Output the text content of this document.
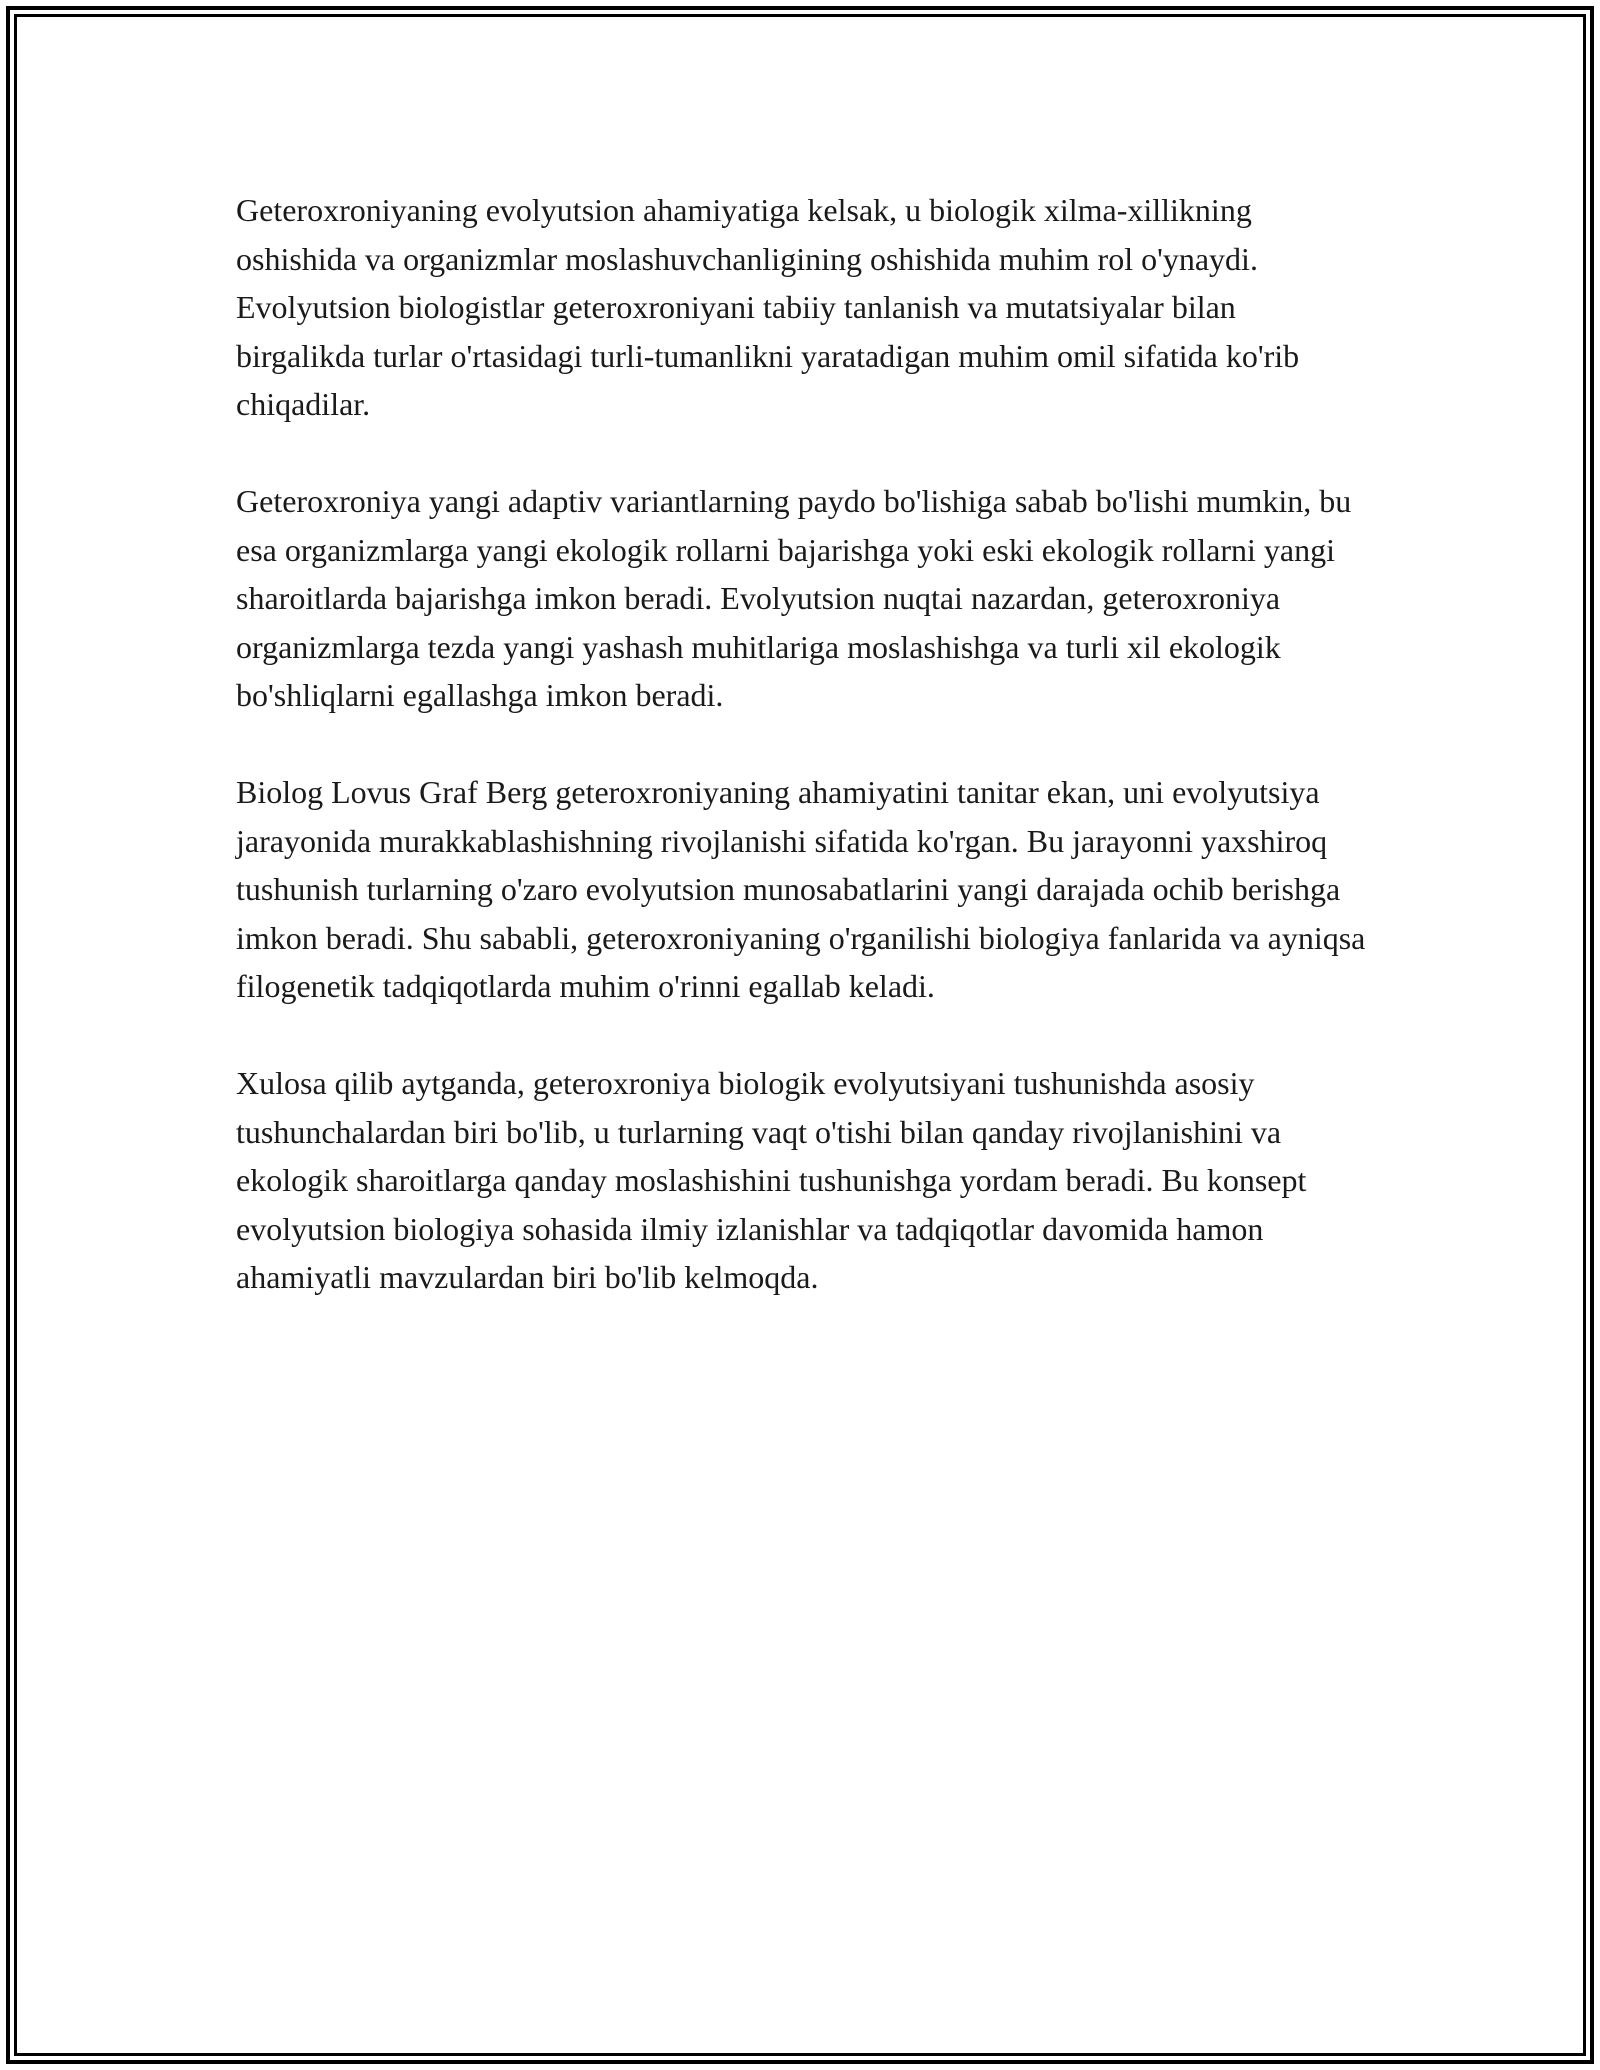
Geteroxroniyaning evolyutsion ahamiyatiga kelsak, u biologik xilma-xillikning oshishida va organizmlar moslashuvchanligining oshishida muhim rol o'ynaydi. Evolyutsion biologistlar geteroxroniyani tabiiy tanlanish va mutatsiyalar bilan birgalikda turlar o'rtasidagi turli-tumanlikni yaratadigan muhim omil sifatida ko'rib chiqadilar.

Geteroxroniya yangi adaptiv variantlarning paydo bo'lishiga sabab bo'lishi mumkin, bu esa organizmlarga yangi ekologik rollarni bajarishga yoki eski ekologik rollarni yangi sharoitlarda bajarishga imkon beradi. Evolyutsion nuqtai nazardan, geteroxroniya organizmlarga tezda yangi yashash muhitlariga moslashishga va turli xil ekologik bo'shliqlarni egallashga imkon beradi.

Biolog Lovus Graf Berg geteroxroniyaning ahamiyatini tanitar ekan, uni evolyutsiya jarayonida murakkablashishning rivojlanishi sifatida ko'rgan. Bu jarayonni yaxshiroq tushunish turlarning o'zaro evolyutsion munosabatlarini yangi darajada ochib berishga imkon beradi. Shu sababli, geteroxroniyaning o'rganilishi biologiya fanlarida va ayniqsa filogenetik tadqiqotlarda muhim o'rinni egallab keladi.

Xulosa qilib aytganda, geteroxroniya biologik evolyutsiyani tushunishda asosiy tushunchalardan biri bo'lib, u turlarning vaqt o'tishi bilan qanday rivojlanishini va ekologik sharoitlarga qanday moslashishini tushunishga yordam beradi. Bu konsept evolyutsion biologiya sohasida ilmiy izlanishlar va tadqiqotlar davomida hamon ahamiyatli mavzulardan biri bo'lib kelmoqda.
